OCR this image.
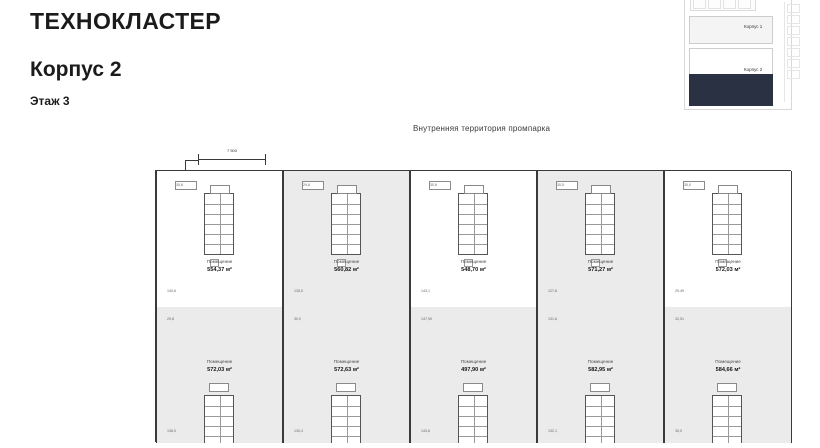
ТЕХНОКЛАСТЕР
Корпус 2
Этаж 3
Внутренняя территория промпарка
Корпус 1
Корпус 2
7 500
30,6
Помещение
554,37 м²
140,6
29,8
Помещение
560,82 м²
135,0
30,6
Помещение
548,70 м²
143,1
30,5
Помещение
571,27 м²
127,8
30,0
Помещение
572,03 м²
29,49
29,8
Помещение
572,03 м²
136,0
30,0
Помещение
572,63 м²
130,4
147,90
Помещение
497,90 м²
143,8
131,6
Помещение
582,95 м²
132,1
32,51
Помещение
584,66 м²
30,0
